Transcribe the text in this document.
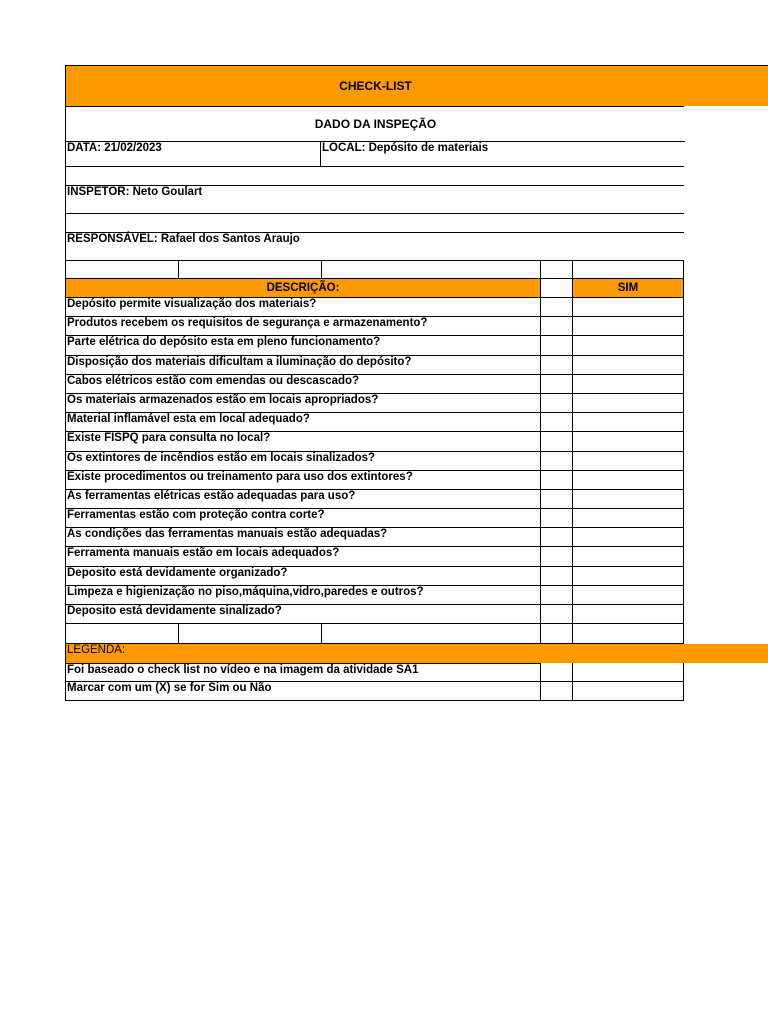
CHECK-LIST
DADO DA INSPEÇÃO
DATA: 21/02/2023	LOCAL: Depósito de materiais
INSPETOR: Neto Goulart
RESPONSÁVEL: Rafael dos Santos Araujo
DESCRIÇÃO:	SIM
Depósito permite visualização dos materiais?
Produtos recebem os requisitos de segurança e armazenamento?
Parte elétrica do depósito esta em pleno funcionamento?
Disposição dos materiais dificultam a iluminação do depósito?
Cabos elétricos estão com emendas ou descascado?
Os materiais armazenados estão em locais apropriados?
Material inflamável esta em local adequado?
Existe FISPQ para consulta no local?
Os extintores de incêndios estão em locais sinalizados?
Existe procedimentos ou treinamento para uso dos extintores?
As ferramentas elétricas estão adequadas para uso?
Ferramentas estão com proteção contra corte?
As condições das ferramentas manuais estão adequadas?
Ferramenta manuais estão em locais adequados?
Deposito está devidamente organizado?
Limpeza e higienização no piso,máquina,vidro,paredes e outros?
Deposito está devidamente sinalizado?
LEGENDA:
Foi baseado o check list no vídeo e na imagem da atividade SA1
Marcar com um (X) se for Sim ou Não
